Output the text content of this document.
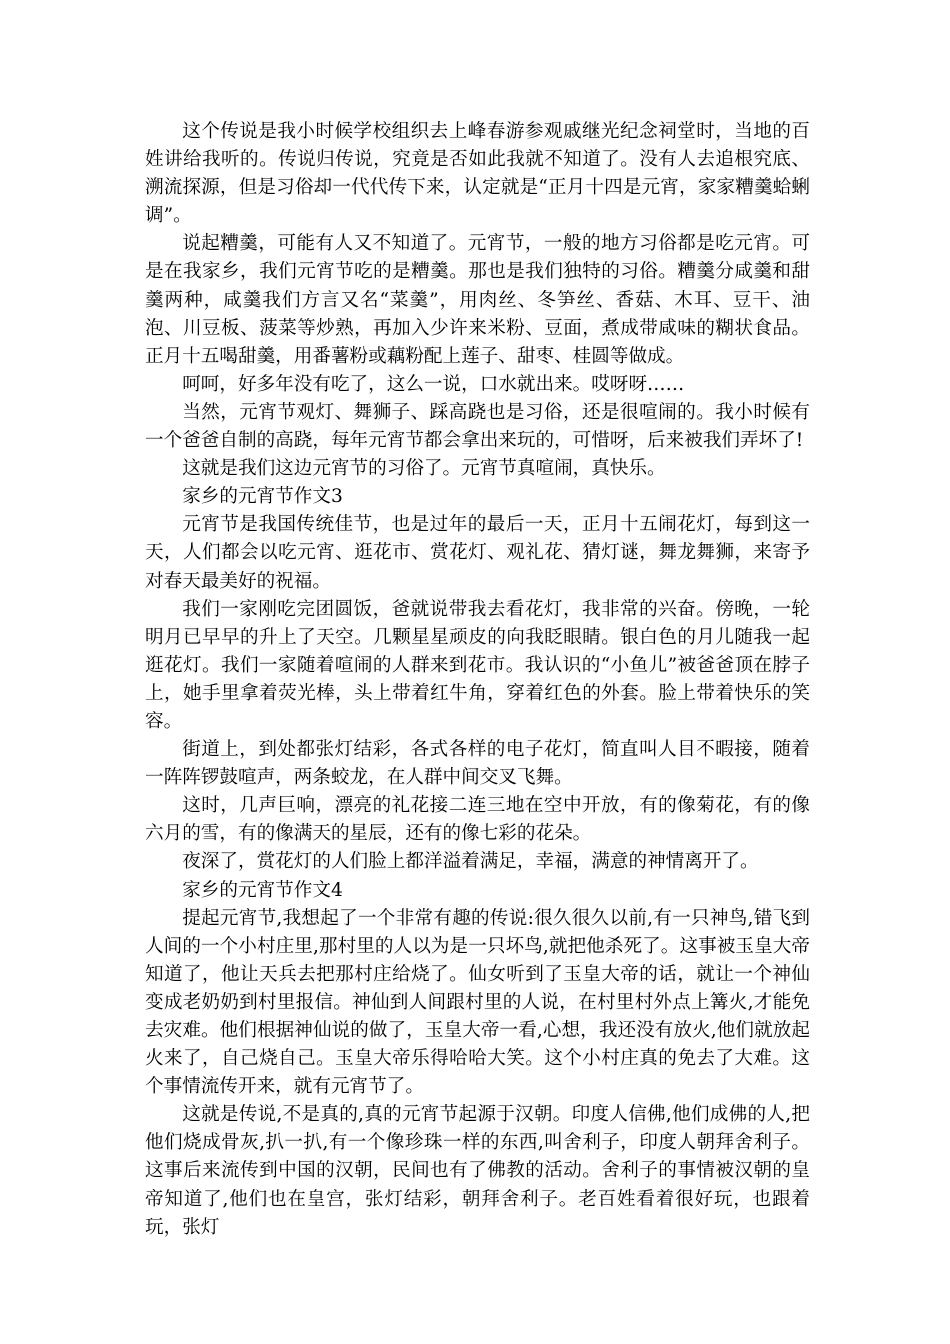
这个传说是我小时候学校组织去上峰春游参观戚继光纪念祠堂时，当地的百姓讲给我听的。传说归传说，究竟是否如此我就不知道了。没有人去追根究底、溯流探源，但是习俗却一代代传下来，认定就是“正月十四是元宵，家家糟羹蛤蜊调”。

说起糟羹，可能有人又不知道了。元宵节，一般的地方习俗都是吃元宵。可是在我家乡，我们元宵节吃的是糟羹。那也是我们独特的习俗。糟羹分咸羹和甜羹两种，咸羹我们方言又名“菜羹”，用肉丝、冬笋丝、香菇、木耳、豆干、油泡、川豆板、菠菜等炒熟，再加入少许来米粉、豆面，煮成带咸味的糊状食品。正月十五喝甜羹，用番薯粉或藕粉配上莲子、甜枣、桂圆等做成。

呵呵，好多年没有吃了，这么一说，口水就出来。哎呀呀……

当然，元宵节观灯、舞狮子、踩高跷也是习俗，还是很喧闹的。我小时候有一个爸爸自制的高跷，每年元宵节都会拿出来玩的，可惜呀，后来被我们弄坏了!

这就是我们这边元宵节的习俗了。元宵节真喧闹，真快乐。

家乡的元宵节作文3

元宵节是我国传统佳节，也是过年的最后一天，正月十五闹花灯，每到这一天，人们都会以吃元宵、逛花市、赏花灯、观礼花、猜灯谜，舞龙舞狮，来寄予对春天最美好的祝福。

我们一家刚吃完团圆饭，爸就说带我去看花灯，我非常的兴奋。傍晚，一轮明月已早早的升上了天空。几颗星星顽皮的向我眨眼睛。银白色的月儿随我一起逛花灯。我们一家随着喧闹的人群来到花市。我认识的“小鱼儿”被爸爸顶在脖子上，她手里拿着荧光棒，头上带着红牛角，穿着红色的外套。脸上带着快乐的笑容。

街道上，到处都张灯结彩，各式各样的电子花灯，简直叫人目不暇接，随着一阵阵锣鼓喧声，两条蛟龙，在人群中间交叉飞舞。

这时，几声巨响，漂亮的礼花接二连三地在空中开放，有的像菊花，有的像六月的雪，有的像满天的星辰，还有的像七彩的花朵。

夜深了，赏花灯的人们脸上都洋溢着满足，幸福，满意的神情离开了。

家乡的元宵节作文4

提起元宵节,我想起了一个非常有趣的传说:很久很久以前,有一只神鸟,错飞到人间的一个小村庄里,那村里的人以为是一只坏鸟,就把他杀死了。这事被玉皇大帝知道了，他让天兵去把那村庄给烧了。仙女听到了玉皇大帝的话，就让一个神仙变成老奶奶到村里报信。神仙到人间跟村里的人说，在村里村外点上篝火,才能免去灾难。他们根据神仙说的做了，玉皇大帝一看,心想，我还没有放火,他们就放起火来了，自己烧自己。玉皇大帝乐得哈哈大笑。这个小村庄真的免去了大难。这个事情流传开来，就有元宵节了。

这就是传说,不是真的,真的元宵节起源于汉朝。印度人信佛,他们成佛的人,把他们烧成骨灰,扒一扒,有一个像珍珠一样的东西,叫舍利子，印度人朝拜舍利子。这事后来流传到中国的汉朝，民间也有了佛教的活动。舍利子的事情被汉朝的皇帝知道了,他们也在皇宫，张灯结彩，朝拜舍利子。老百姓看着很好玩，也跟着玩，张灯
